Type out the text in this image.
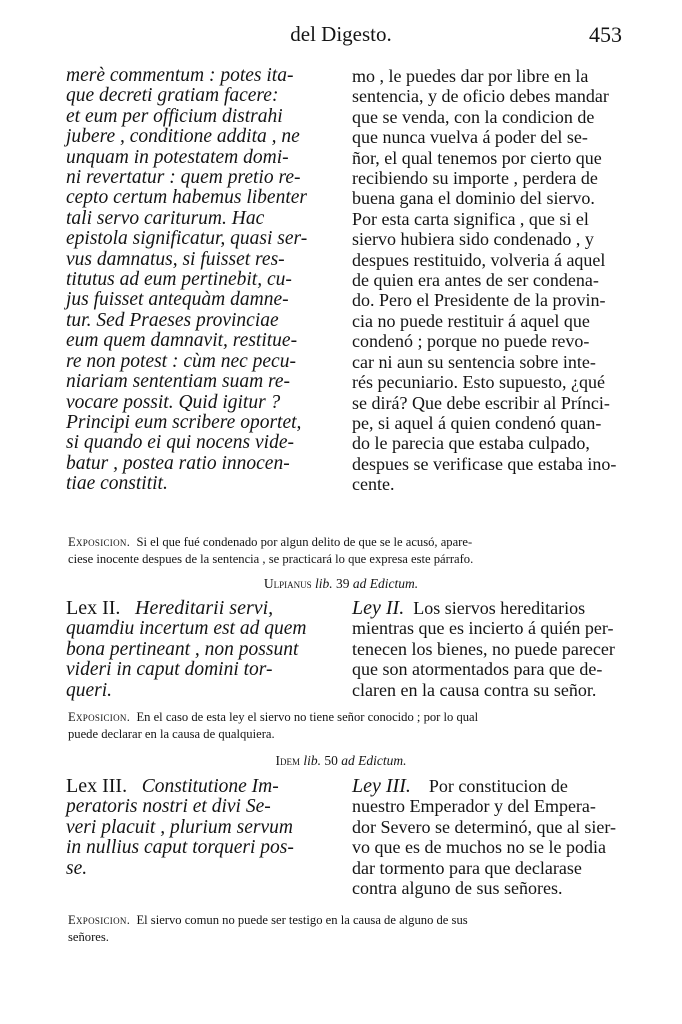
del Digesto.	453
merè commentum : potes ita-
que decreti gratiam facere:
et eum per officium distrahi
jubere , conditione addita , ne
unquam in potestatem domi-
ni revertatur : quem pretio re-
cepto certum habemus libenter
tali servo cariturum. Hac
epistola significatur, quasi ser-
vus damnatus, si fuisset res-
titutus ad eum pertinebit, cu-
jus fuisset antequàm damne-
tur. Sed Praeses provinciae
eum quem damnavit, restitue-
re non potest : cùm nec pecu-
niariam sententiam suam re-
vocare possit. Quid igitur ?
Principi eum scribere oportet,
si quando ei qui nocens vide-
batur , postea ratio innocen-
tiae constitit.
mo , le puedes dar por libre en la
sentencia, y de oficio debes mandar
que se venda, con la condicion de
que nunca vuelva á poder del se-
ñor, el qual tenemos por cierto que
recibiendo su importe , perdera de
buena gana el dominio del siervo.
Por esta carta significa , que si el
siervo hubiera sido condenado , y
despues restituido, volveria á aquel
de quien era antes de ser condena-
do. Pero el Presidente de la provin-
cia no puede restituir á aquel que
condenó ; porque no puede revo-
car ni aun su sentencia sobre inte-
rés pecuniario. Esto supuesto, ¿qué
se dirá? Que debe escribir al Prínci-
pe, si aquel á quien condenó quan-
do le parecia que estaba culpado,
despues se verificase que estaba ino-
cente.
Exposicion. Si el que fué condenado por algun delito de que se le acusó, apare-
ciese inocente despues de la sentencia , se practicará lo que expresa este párrafo.
Ulpianus lib. 39 ad Edictum.
Lex II. Hereditarii servi,
quamdiu incertum est ad quem
bona pertineant , non possunt
videri in caput domini tor-
queri.
Ley II. Los siervos hereditarios
mientras que es incierto á quién per-
tenecen los bienes, no puede parecer
que son atormentados para que de-
claren en la causa contra su señor.
Exposicion. En el caso de esta ley el siervo no tiene señor conocido ; por lo qual
puede declarar en la causa de qualquiera.
Idem lib. 50 ad Edictum.
Lex III. Constitutione Im-
peratoris nostri et divi Se-
veri placuit , plurium servum
in nullius caput torqueri pos-
se.
Ley III. Por constitucion de
nuestro Emperador y del Empera-
dor Severo se determinó, que al sier-
vo que es de muchos no se le podia
dar tormento para que declarase
contra alguno de sus señores.
Exposicion. El siervo comun no puede ser testigo en la causa de alguno de sus
señores.
